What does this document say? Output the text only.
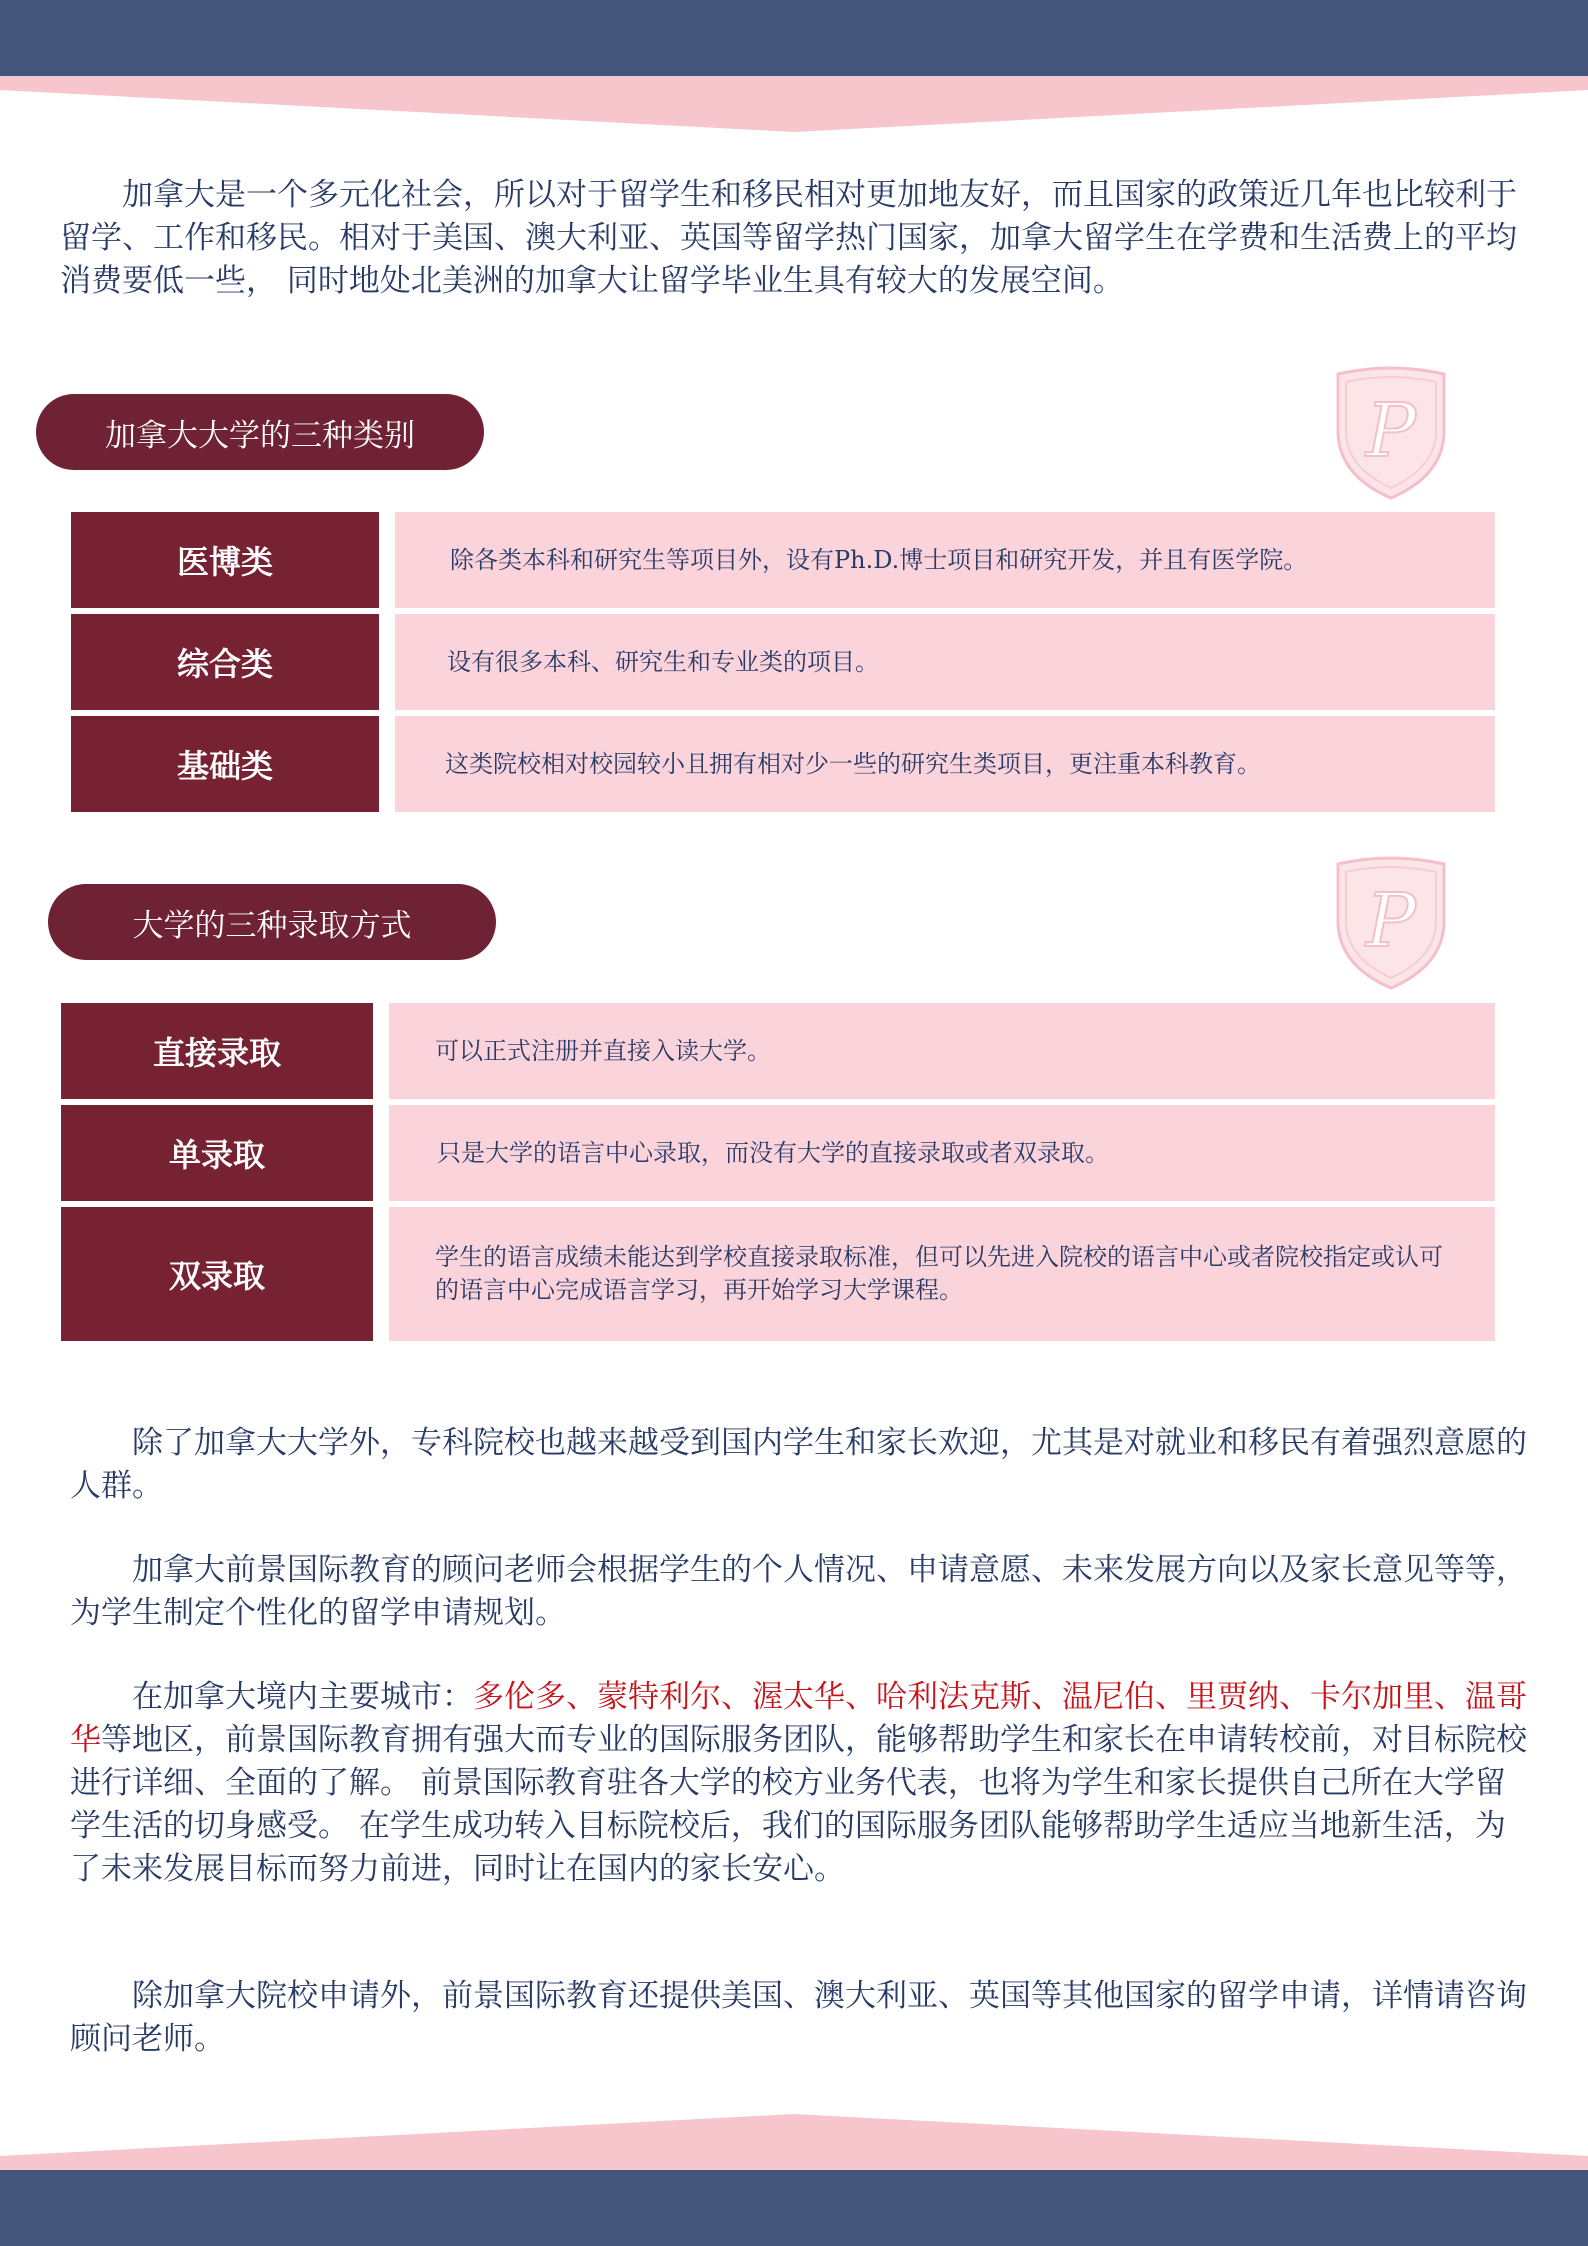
加拿大是一个多元化社会，所以对于留学生和移民相对更加地友好，而且国家的政策近几年也比较利于留学、工作和移民。相对于美国、澳大利亚、英国等留学热门国家，加拿大留学生在学费和生活费上的平均消费要低一些， 同时地处北美洲的加拿大让留学毕业生具有较大的发展空间。

加拿大大学的三种类别	P
医博类	除各类本科和研究生等项目外，设有Ph.D.博士项目和研究开发，并且有医学院。
综合类	设有很多本科、研究生和专业类的项目。
基础类	这类院校相对校园较小且拥有相对少一些的研究生类项目，更注重本科教育。
大学的三种录取方式	P
直接录取	可以正式注册并直接入读大学。
单录取	只是大学的语言中心录取，而没有大学的直接录取或者双录取。
双录取	学生的语言成绩未能达到学校直接录取标准，但可以先进入院校的语言中心或者院校指定或认可的语言中心完成语言学习，再开始学习大学课程。

除了加拿大大学外，专科院校也越来越受到国内学生和家长欢迎，尤其是对就业和移民有着强烈意愿的人群。

加拿大前景国际教育的顾问老师会根据学生的个人情况、申请意愿、未来发展方向以及家长意见等等，为学生制定个性化的留学申请规划。

在加拿大境内主要城市：多伦多、蒙特利尔、渥太华、哈利法克斯、温尼伯、里贾纳、卡尔加里、温哥华等地区，前景国际教育拥有强大而专业的国际服务团队，能够帮助学生和家长在申请转校前，对目标院校进行详细、全面的了解。 前景国际教育驻各大学的校方业务代表，也将为学生和家长提供自己所在大学留学生活的切身感受。 在学生成功转入目标院校后，我们的国际服务团队能够帮助学生适应当地新生活，为了未来发展目标而努力前进，同时让在国内的家长安心。

除加拿大院校申请外，前景国际教育还提供美国、澳大利亚、英国等其他国家的留学申请，详情请咨询顾问老师。
